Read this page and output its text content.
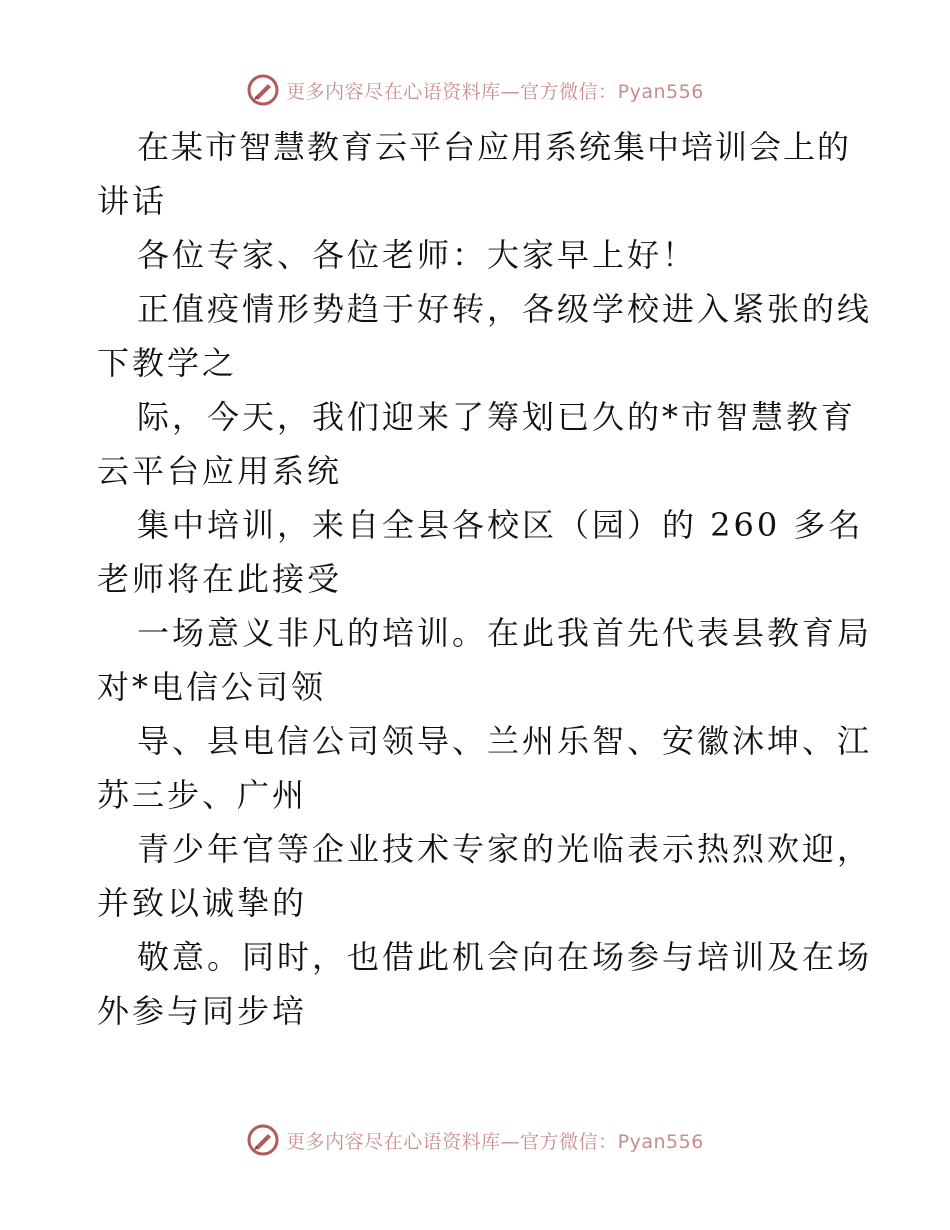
更多内容尽在心语资料库—官方微信：Pyan556
在某市智慧教育云平台应用系统集中培训会上的
讲话
各位专家、各位老师：大家早上好！
正值疫情形势趋于好转，各级学校进入紧张的线
下教学之
际，今天，我们迎来了筹划已久的*市智慧教育
云平台应用系统
集中培训，来自全县各校区（园）的 260 多名
老师将在此接受
一场意义非凡的培训。在此我首先代表县教育局
对*电信公司领
导、县电信公司领导、兰州乐智、安徽沐坤、江
苏三步、广州
青少年官等企业技术专家的光临表示热烈欢迎，
并致以诚挚的
敬意。同时，也借此机会向在场参与培训及在场
外参与同步培
更多内容尽在心语资料库—官方微信：Pyan556
